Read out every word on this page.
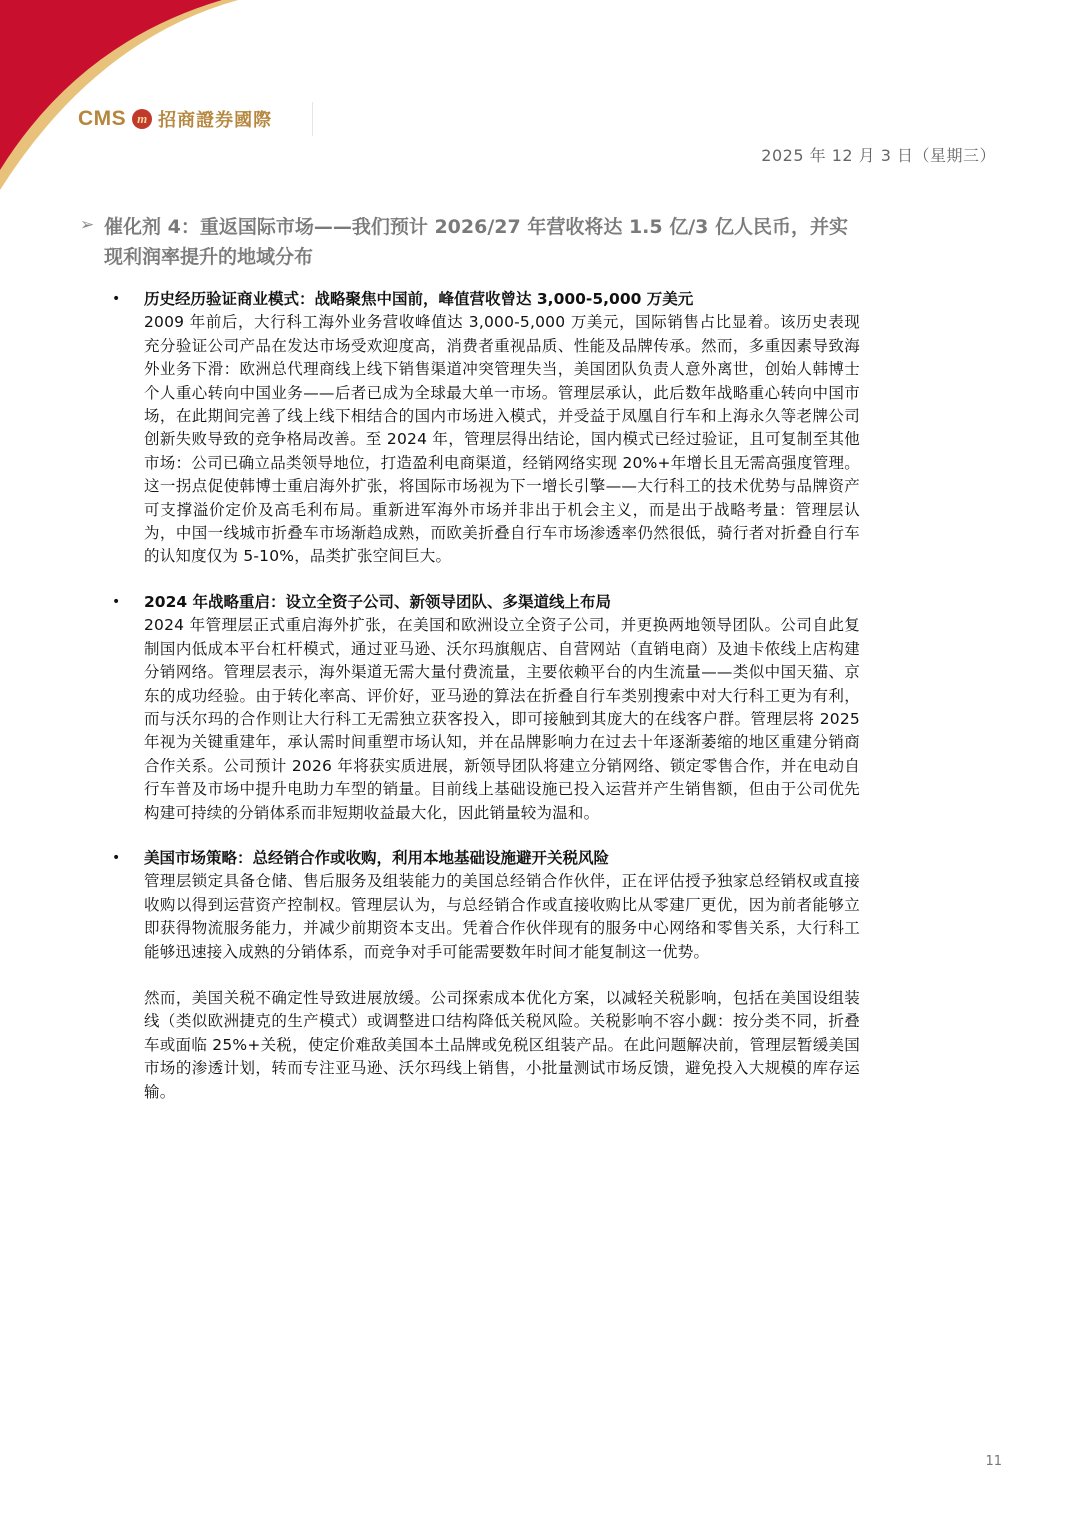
CMS m 招商證券國際
2025 年 12 月 3 日（星期三）
➢ 催化剂 4：重返国际市场——我们预计 2026/27 年营收将达 1.5 亿/3 亿人民币，并实现利润率提升的地域分布
•	历史经历验证商业模式：战略聚焦中国前，峰值营收曾达 3,000-5,000 万美元
2009 年前后，大行科工海外业务营收峰值达 3,000-5,000 万美元，国际销售占比显着。该历史表现充分验证公司产品在发达市场受欢迎度高，消费者重视品质、性能及品牌传承。然而，多重因素导致海外业务下滑：欧洲总代理商线上线下销售渠道冲突管理失当，美国团队负责人意外离世，创始人韩博士个人重心转向中国业务——后者已成为全球最大单一市场。管理层承认，此后数年战略重心转向中国市场，在此期间完善了线上线下相结合的国内市场进入模式，并受益于凤凰自行车和上海永久等老牌公司创新失败导致的竞争格局改善。至 2024 年，管理层得出结论，国内模式已经过验证，且可复制至其他市场：公司已确立品类领导地位，打造盈利电商渠道，经销网络实现 20%+年增长且无需高强度管理。这一拐点促使韩博士重启海外扩张，将国际市场视为下一增长引擎——大行科工的技术优势与品牌资产可支撑溢价定价及高毛利布局。重新进军海外市场并非出于机会主义，而是出于战略考量：管理层认为，中国一线城市折叠车市场渐趋成熟，而欧美折叠自行车市场渗透率仍然很低，骑行者对折叠自行车的认知度仅为 5-10%，品类扩张空间巨大。
•	2024 年战略重启：设立全资子公司、新领导团队、多渠道线上布局
2024 年管理层正式重启海外扩张，在美国和欧洲设立全资子公司，并更换两地领导团队。公司自此复制国内低成本平台杠杆模式，通过亚马逊、沃尔玛旗舰店、自营网站（直销电商）及迪卡侬线上店构建分销网络。管理层表示，海外渠道无需大量付费流量，主要依赖平台的内生流量——类似中国天猫、京东的成功经验。由于转化率高、评价好，亚马逊的算法在折叠自行车类别搜索中对大行科工更为有利，而与沃尔玛的合作则让大行科工无需独立获客投入，即可接触到其庞大的在线客户群。管理层将 2025 年视为关键重建年，承认需时间重塑市场认知，并在品牌影响力在过去十年逐渐萎缩的地区重建分销商合作关系。公司预计 2026 年将获实质进展，新领导团队将建立分销网络、锁定零售合作，并在电动自行车普及市场中提升电助力车型的销量。目前线上基础设施已投入运营并产生销售额，但由于公司优先构建可持续的分销体系而非短期收益最大化，因此销量较为温和。
•	美国市场策略：总经销合作或收购，利用本地基础设施避开关税风险
管理层锁定具备仓储、售后服务及组装能力的美国总经销合作伙伴，正在评估授予独家总经销权或直接收购以得到运营资产控制权。管理层认为，与总经销合作或直接收购比从零建厂更优，因为前者能够立即获得物流服务能力，并减少前期资本支出。凭着合作伙伴现有的服务中心网络和零售关系，大行科工能够迅速接入成熟的分销体系，而竞争对手可能需要数年时间才能复制这一优势。
然而，美国关税不确定性导致进展放缓。公司探索成本优化方案，以减轻关税影响，包括在美国设组装线（类似欧洲捷克的生产模式）或调整进口结构降低关税风险。关税影响不容小觑：按分类不同，折叠车或面临 25%+关税，使定价难敌美国本土品牌或免税区组装产品。在此问题解决前，管理层暂缓美国市场的渗透计划，转而专注亚马逊、沃尔玛线上销售，小批量测试市场反馈，避免投入大规模的库存运输。
11
